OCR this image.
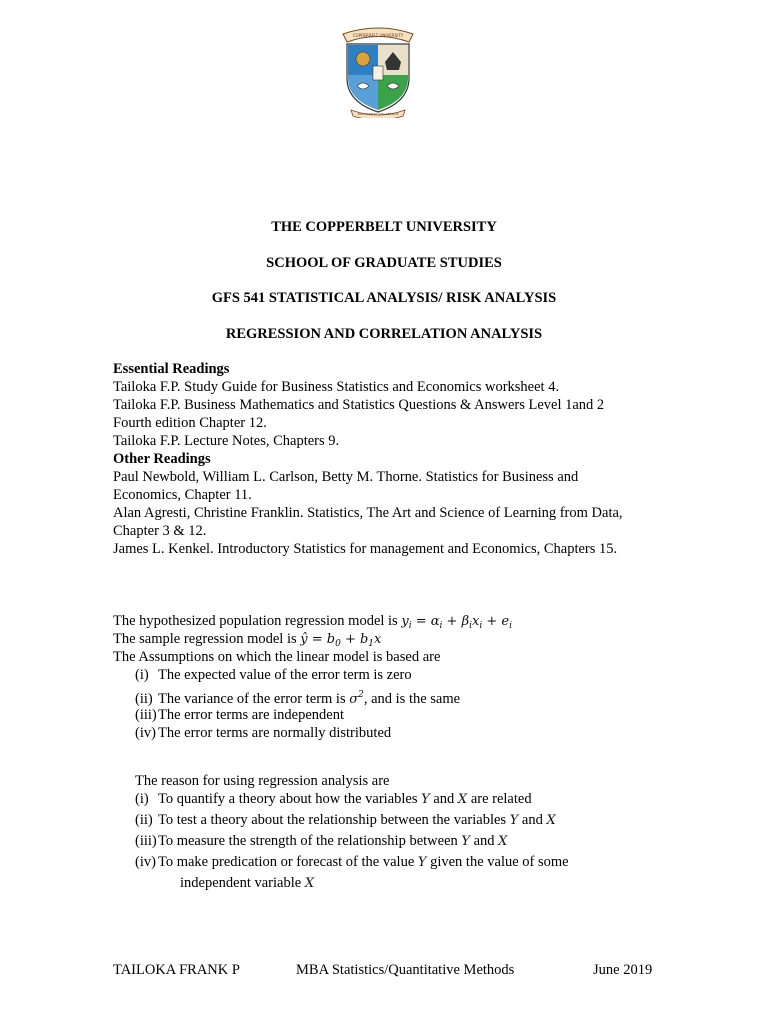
COPPERBELT UNIVERSITY
KNOWLEDGE AND SERVICE
THE COPPERBELT UNIVERSITY
SCHOOL OF GRADUATE STUDIES
GFS 541 STATISTICAL ANALYSIS/ RISK ANALYSIS
REGRESSION AND CORRELATION ANALYSIS
Essential Readings
Tailoka F.P. Study Guide for Business Statistics and Economics worksheet 4.
Tailoka F.P. Business Mathematics and Statistics Questions & Answers Level 1and 2
Fourth edition Chapter 12.
Tailoka F.P. Lecture Notes, Chapters 9.
Other Readings
Paul Newbold, William L. Carlson, Betty M. Thorne. Statistics for Business and
Economics, Chapter 11.
Alan Agresti, Christine Franklin. Statistics, The Art and Science of Learning from Data,
Chapter 3 & 12.
James L. Kenkel. Introductory Statistics for management and Economics, Chapters 15.
The hypothesized population regression model is $y_i = \alpha_i + \beta_ix_i + e_i$
The sample regression model is ŷ = $b_0 + b_1x$
The Assumptions on which the linear model is based are
(i) The expected value of the error term is zero
(ii) The variance of the error term is $\sigma^2$, and is the same
(iii)The error terms are independent
(iv) The error terms are normally distributed
The reason for using regression analysis are
(i) To quantify a theory about how the variables Y and X are related
(ii) To test a theory about the relationship between the variables Y and X
(iii)To measure the strength of the relationship between Y and X
(iv) To make predication or forecast of the value Y given the value of some
independent variable X
TAILOKA FRANK P	MBA Statistics/Quantitative Methods	June 2019
